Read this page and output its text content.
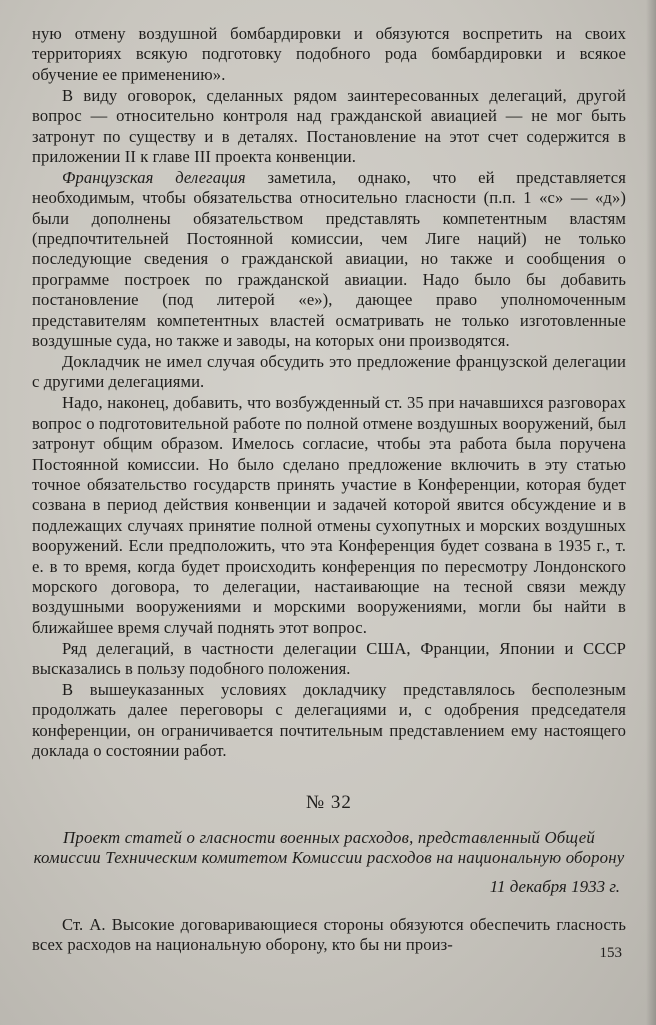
ную отмену воздушной бомбардировки и обязуются воспретить на своих территориях всякую подготовку подобного рода бомбардировки и всякое обучение ее применению».

В виду оговорок, сделанных рядом заинтересованных делегаций, другой вопрос — относительно контроля над гражданской авиацией — не мог быть затронут по существу и в деталях. Постановление на этот счет содержится в приложении II к главе III проекта конвенции.

Французская делегация заметила, однако, что ей представляется необходимым, чтобы обязательства относительно гласности (п.п. 1 «с» — «д») были дополнены обязательством представлять компетентным властям (предпочтительней Постоянной комиссии, чем Лиге наций) не только последующие сведения о гражданской авиации, но также и сообщения о программе построек по гражданской авиации. Надо было бы добавить постановление (под литерой «е»), дающее право уполномоченным представителям компетентных властей осматривать не только изготовленные воздушные суда, но также и заводы, на которых они производятся.

Докладчик не имел случая обсудить это предложение французской делегации с другими делегациями.

Надо, наконец, добавить, что возбужденный ст. 35 при начавшихся разговорах вопрос о подготовительной работе по полной отмене воздушных вооружений, был затронут общим образом. Имелось согласие, чтобы эта работа была поручена Постоянной комиссии. Но было сделано предложение включить в эту статью точное обязательство государств принять участие в Конференции, которая будет созвана в период действия конвенции и задачей которой явится обсуждение и в подлежащих случаях принятие полной отмены сухопутных и морских воздушных вооружений. Если предположить, что эта Конференция будет созвана в 1935 г., т. е. в то время, когда будет происходить конференция по пересмотру Лондонского морского договора, то делегации, настаивающие на тесной связи между воздушными вооружениями и морскими вооружениями, могли бы найти в ближайшее время случай поднять этот вопрос.

Ряд делегаций, в частности делегации США, Франции, Японии и СССР высказались в пользу подобного положения.

В вышеуказанных условиях докладчику представлялось бесполезным продолжать далее переговоры с делегациями и, с одобрения председателя конференции, он ограничивается почтительным представлением ему настоящего доклада о состоянии работ.

№ 32
Проект статей о гласности военных расходов, представленный Общей комиссии Техническим комитетом Комиссии расходов на национальную оборону
11 декабря 1933 г.

Ст. А. Высокие договаривающиеся стороны обязуются обеспечить гласность всех расходов на национальную оборону, кто бы ни произ-	153
